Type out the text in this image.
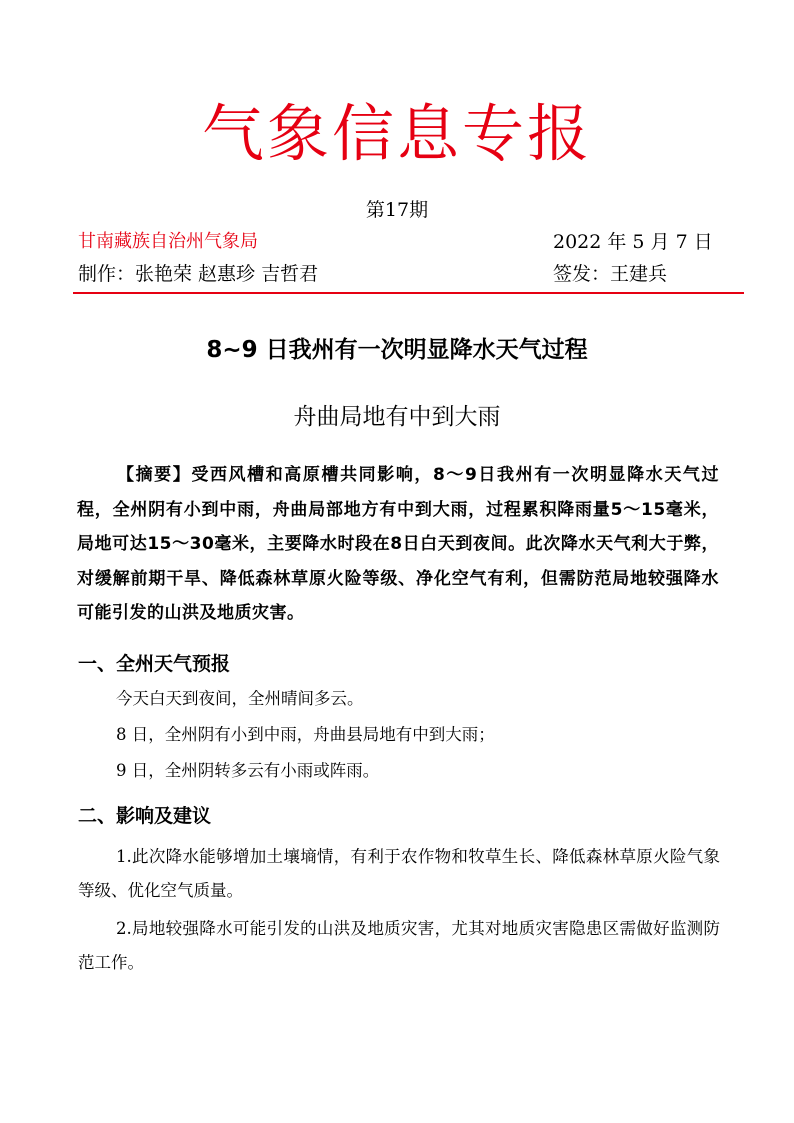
气象信息专报
第17期
甘南藏族自治州气象局	2022 年 5 月 7 日
制作：张艳荣 赵惠珍 吉哲君	签发：王建兵
8~9 日我州有一次明显降水天气过程
舟曲局地有中到大雨
【摘要】受西风槽和高原槽共同影响，8～9日我州有一次明显降水天气过程，全州阴有小到中雨，舟曲局部地方有中到大雨，过程累积降雨量5～15毫米，局地可达15～30毫米，主要降水时段在8日白天到夜间。此次降水天气利大于弊，对缓解前期干旱、降低森林草原火险等级、净化空气有利，但需防范局地较强降水可能引发的山洪及地质灾害。
一、全州天气预报
今天白天到夜间，全州晴间多云。
8 日，全州阴有小到中雨，舟曲县局地有中到大雨；
9 日，全州阴转多云有小雨或阵雨。
二、影响及建议
1.此次降水能够增加土壤墒情，有利于农作物和牧草生长、降低森林草原火险气象等级、优化空气质量。
2.局地较强降水可能引发的山洪及地质灾害，尤其对地质灾害隐患区需做好监测防范工作。
